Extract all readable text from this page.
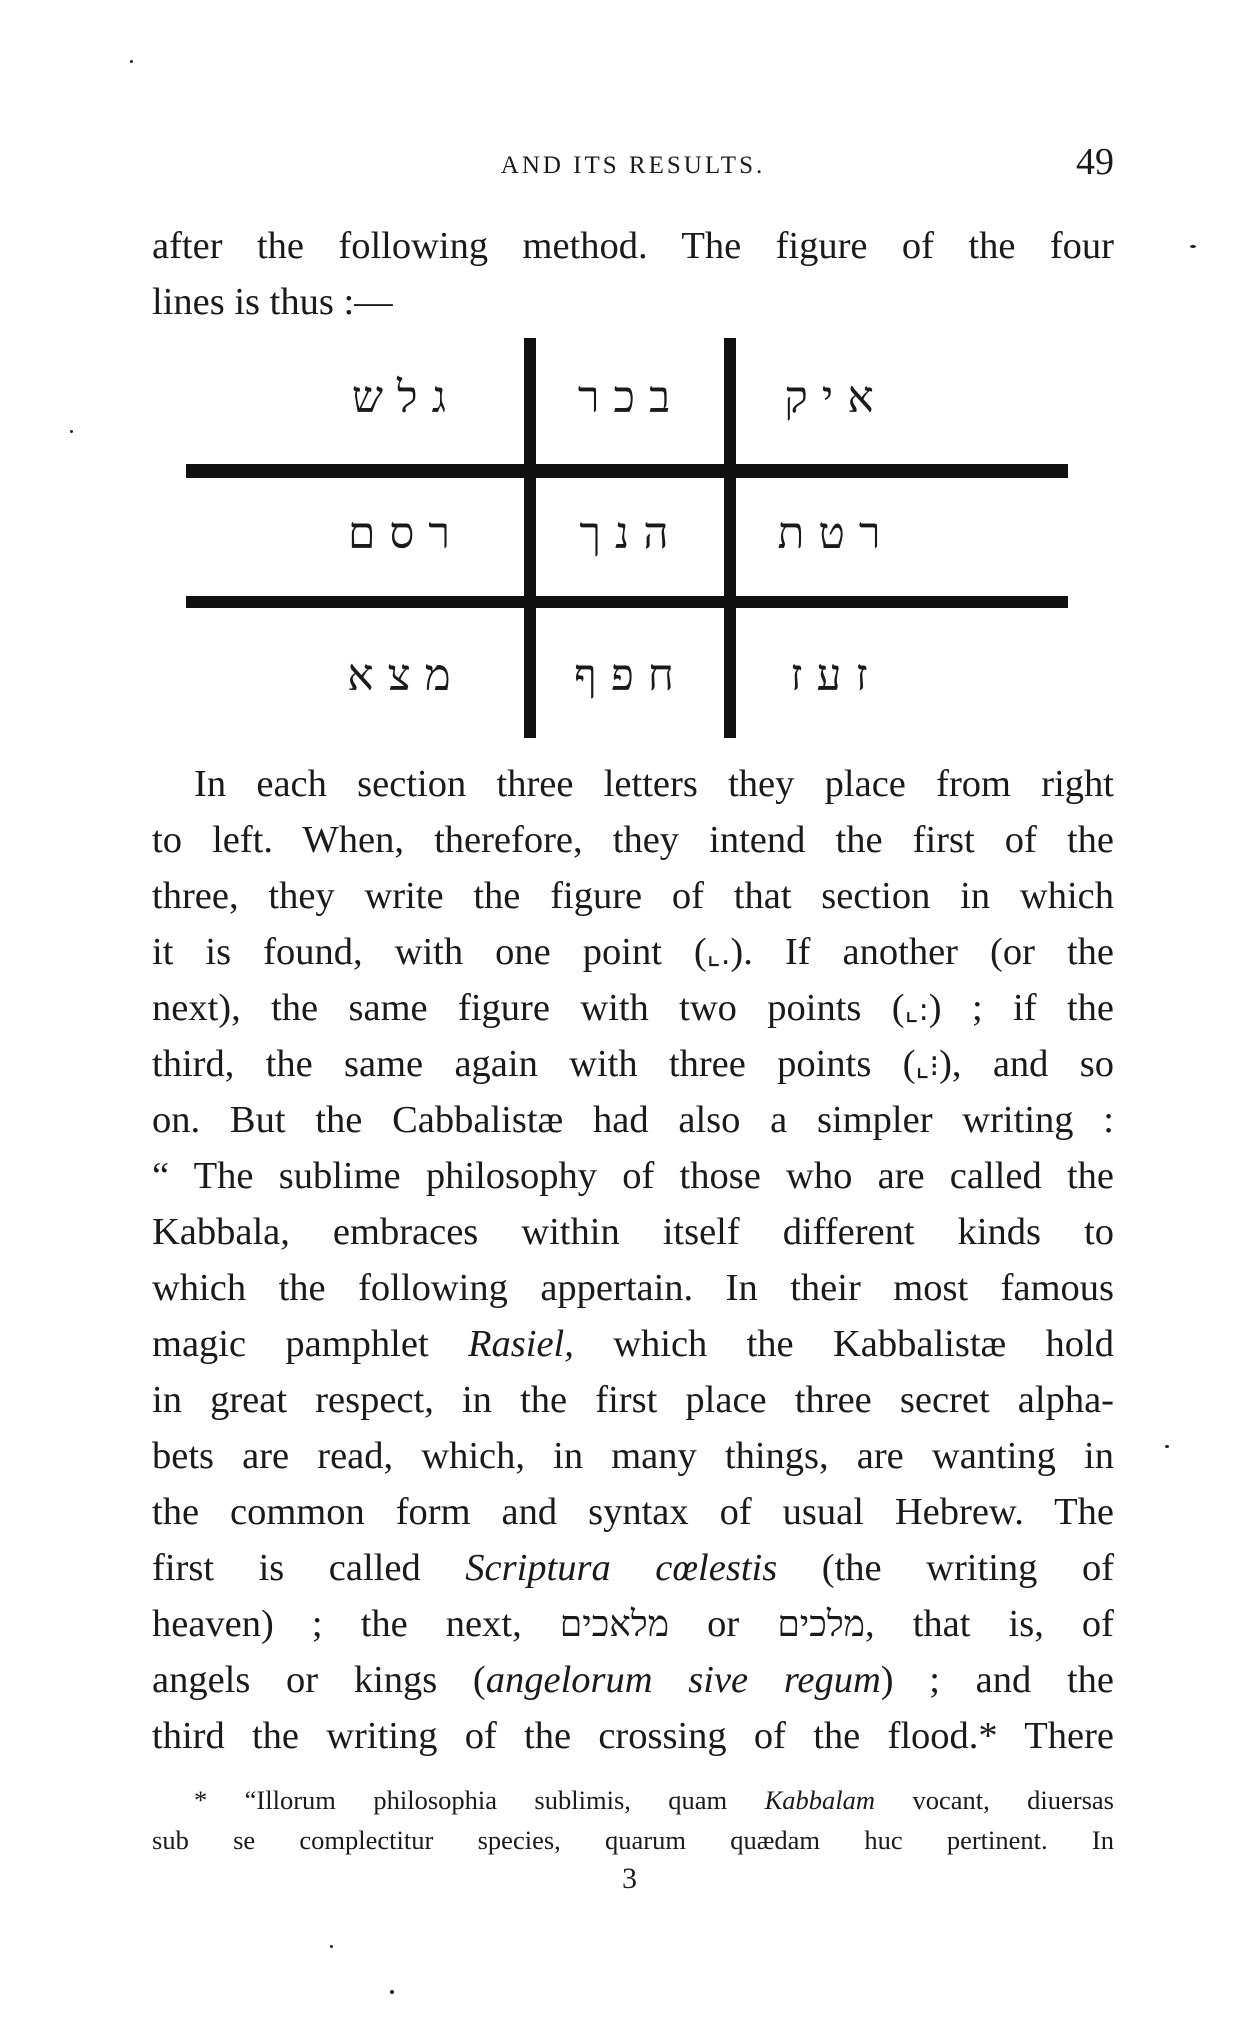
AND ITS RESULTS.	49
after the following method. The figure of the four
lines is thus :—
גלש	בכר	איק
רסם	הנך	רטת
מצא	חפף	זעז
In each section three letters they place from right
to left. When, therefore, they intend the first of the
three, they write the figure of that section in which
it is found, with one point (⌞.). If another (or the
next), the same figure with two points (⌞:) ; if the
third, the same again with three points (⌞⁝), and so
on. But the Cabbalistæ had also a simpler writing :
“ The sublime philosophy of those who are called the
Kabbala, embraces within itself different kinds to
which the following appertain. In their most famous
magic pamphlet Rasiel, which the Kabbalistæ hold
in great respect, in the first place three secret alpha-
bets are read, which, in many things, are wanting in
the common form and syntax of usual Hebrew. The
first is called Scriptura cœlestis (the writing of
heaven) ; the next, מלאכים or מלכים, that is, of
angels or kings (angelorum sive regum) ; and the
third the writing of the crossing of the flood.* There
* “Illorum philosophia sublimis, quam Kabbalam vocant, diuersas
sub se complectitur species, quarum quædam huc pertinent. In
3
